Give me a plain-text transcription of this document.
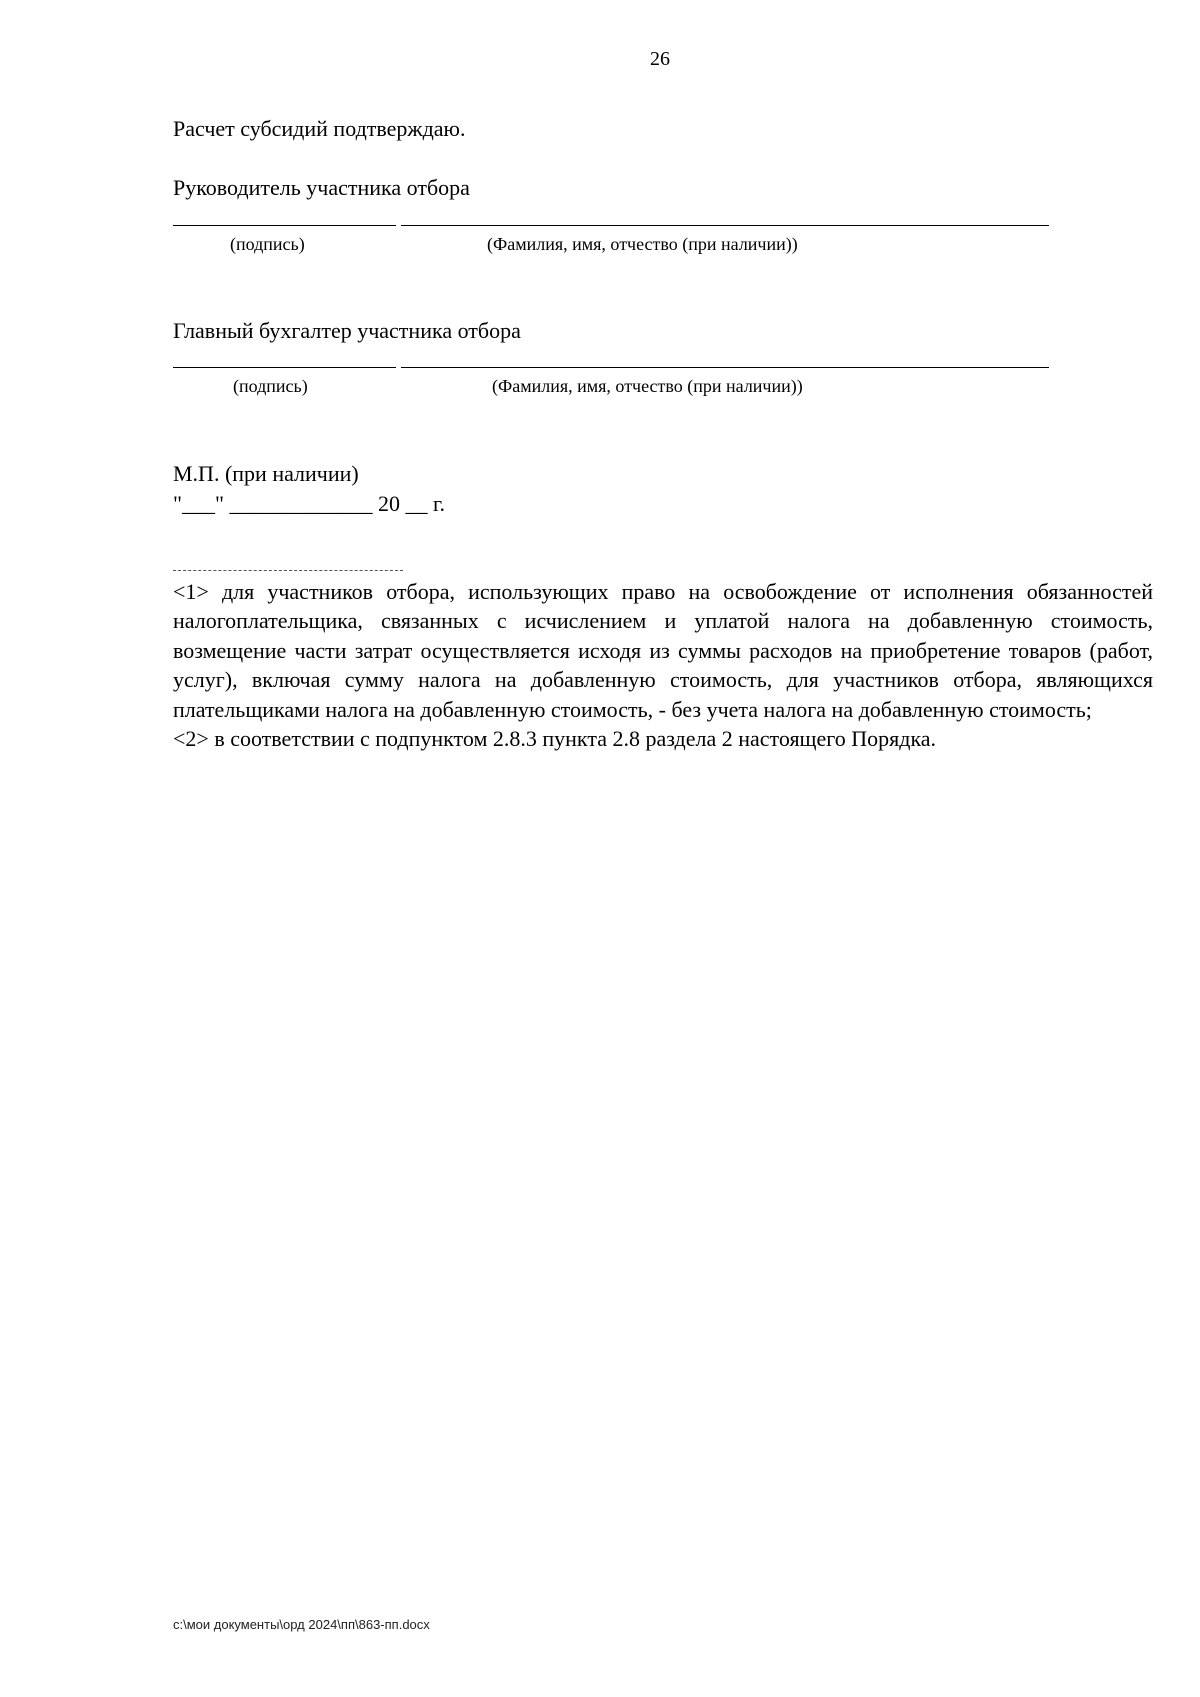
26
Расчет субсидий подтверждаю.
Руководитель участника отбора
(подпись)	(Фамилия, имя, отчество (при наличии))
Главный бухгалтер участника отбора
(подпись)	(Фамилия, имя, отчество (при наличии))
М.П. (при наличии)
"___" _____________ 20 __ г.

<1> для участников отбора, использующих право на освобождение от исполнения обязанностей налогоплательщика, связанных с исчислением и уплатой налога на добавленную стоимость, возмещение части затрат осуществляется исходя из суммы расходов на приобретение товаров (работ, услуг), включая сумму налога на добавленную стоимость, для участников отбора, являющихся плательщиками налога на добавленную стоимость, - без учета налога на добавленную стоимость;

<2> в соответствии с подпунктом 2.8.3 пункта 2.8 раздела 2 настоящего Порядка.

c:\мои документы\орд 2024\пп\863-пп.docx
